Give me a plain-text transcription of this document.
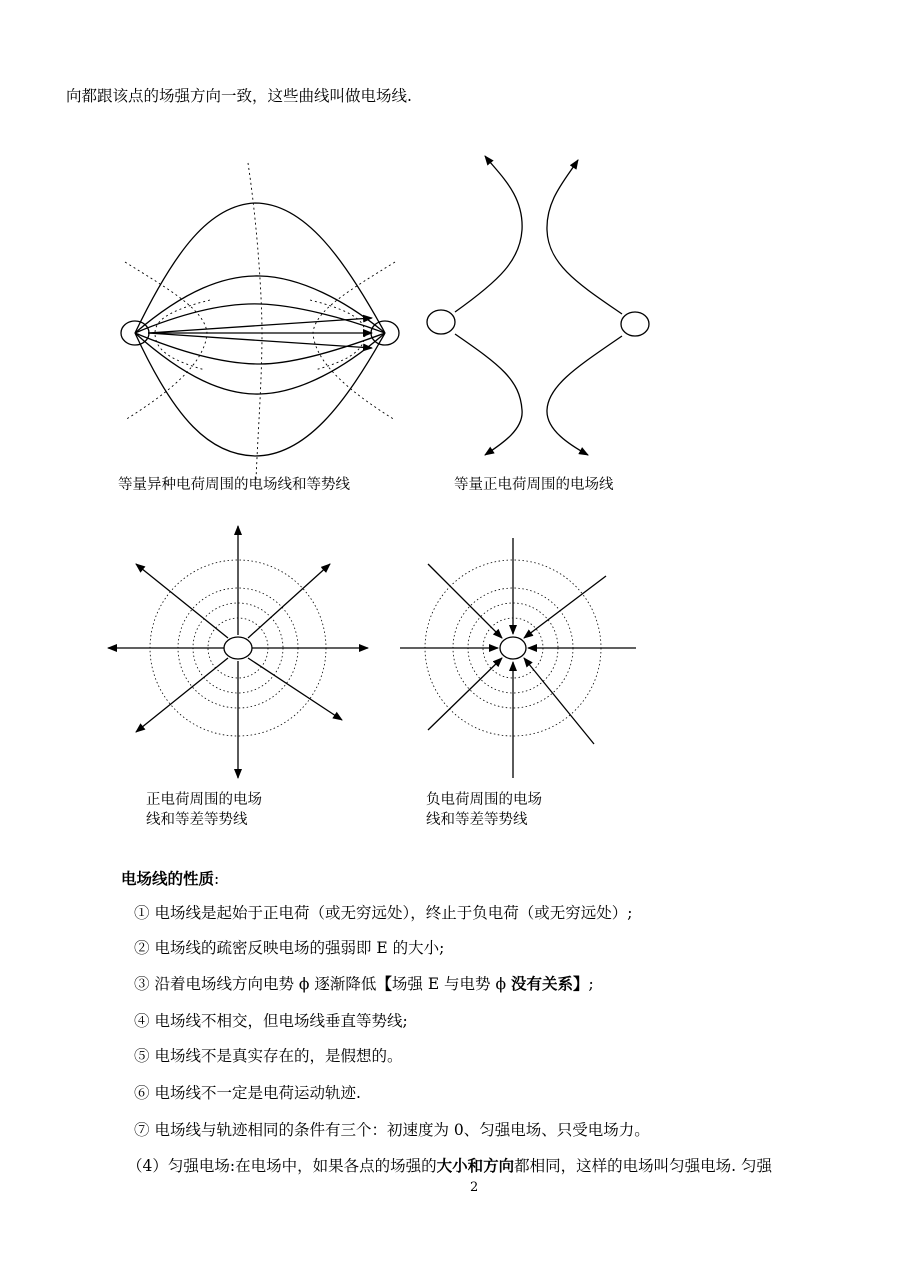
向都跟该点的场强方向一致，这些曲线叫做电场线.
等量异种电荷周围的电场线和等势线	等量正电荷周围的电场线
正电荷周围的电场
线和等差等势线
负电荷周围的电场
线和等差等势线
电场线的性质:
① 电场线是起始于正电荷（或无穷远处），终止于负电荷（或无穷远处）;
② 电场线的疏密反映电场的强弱即 E 的大小;
③ 沿着电场线方向电势 ϕ 逐渐降低【场强 E 与电势 ϕ 没有关系】;
④ 电场线不相交，但电场线垂直等势线;
⑤ 电场线不是真实存在的，是假想的。
⑥ 电场线不一定是电荷运动轨迹.
⑦ 电场线与轨迹相同的条件有三个：初速度为 0、匀强电场、只受电场力。
（4）匀强电场:在电场中，如果各点的场强的大小和方向都相同，这样的电场叫匀强电场. 匀强
2
